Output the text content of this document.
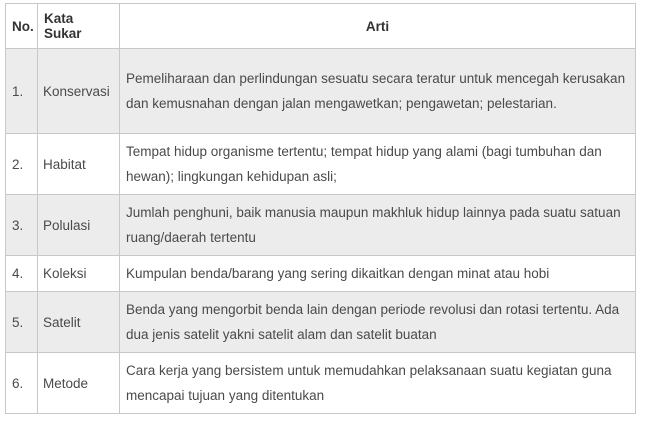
No.	Kata Sukar	Arti
1.	Konservasi	Pemeliharaan dan perlindungan sesuatu secara teratur untuk mencegah kerusakan dan kemusnahan dengan jalan mengawetkan; pengawetan; pelestarian.
2.	Habitat	Tempat hidup organisme tertentu; tempat hidup yang alami (bagi tumbuhan dan hewan); lingkungan kehidupan asli;
3.	Polulasi	Jumlah penghuni, baik manusia maupun makhluk hidup lainnya pada suatu satuan ruang/daerah tertentu
4.	Koleksi	Kumpulan benda/barang yang sering dikaitkan dengan minat atau hobi
5.	Satelit	Benda yang mengorbit benda lain dengan periode revolusi dan rotasi tertentu. Ada dua jenis satelit yakni satelit alam dan satelit buatan
6.	Metode	Cara kerja yang bersistem untuk memudahkan pelaksanaan suatu kegiatan guna mencapai tujuan yang ditentukan
